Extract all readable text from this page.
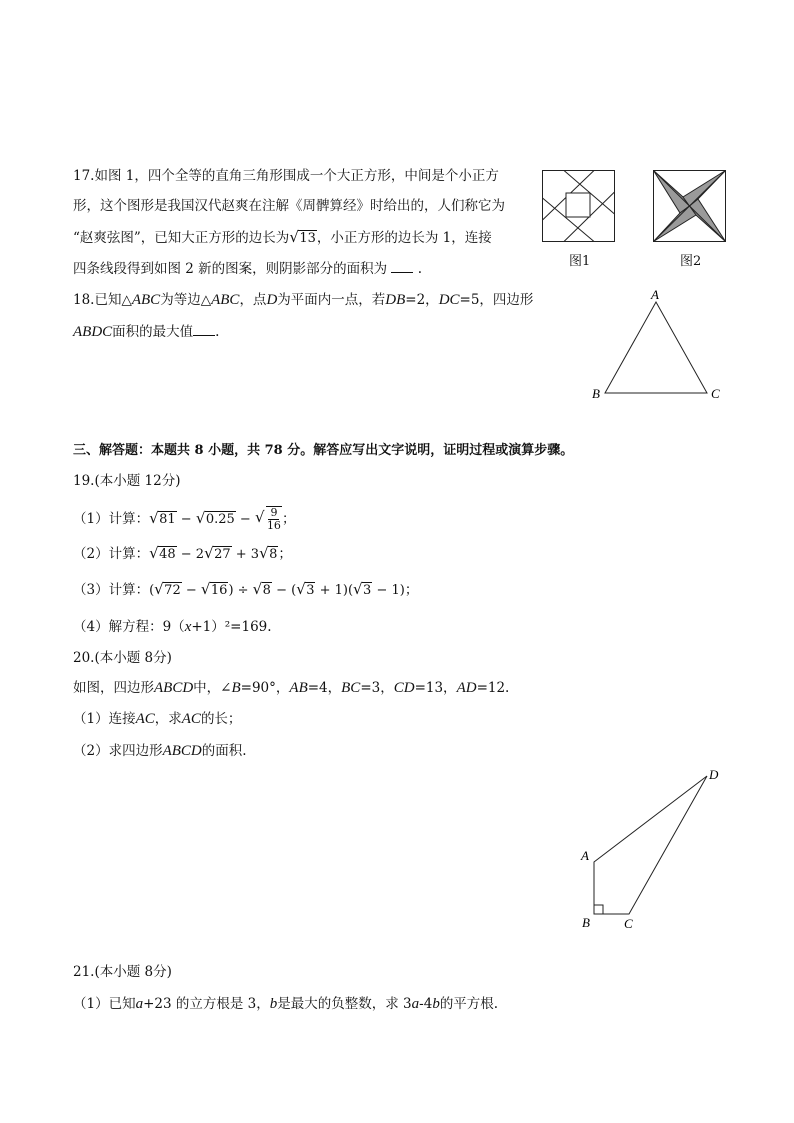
17.如图 1，四个全等的直角三角形围成一个大正方形，中间是个小正方
形，这个图形是我国汉代赵爽在注解《周髀算经》时给出的，人们称它为
“赵爽弦图”，已知大正方形的边长为 √ 13，小正方形的边长为 1，连接
四条线段得到如图 2 新的图案，则阴影部分的面积为 .	图1	图2
18.已知△ABC为等边△ABC，点D为平面内一点，若DB=2，DC=5，四边形
ABDC面积的最大值 .
A
B	C
三、解答题：本题共 8 小题，共 78 分。解答应写出文字说明，证明过程或演算步骤。
19.(本小题 12分)
（1）计算： √ 81 − √ 0.25 − √ $\frac{9}{16}$ ；
（2）计算： √ 48 − 2 √ 27 + 3 √ 8；
（3）计算：( √ 72 − √ 16) ÷ √ 8 − ( √ 3 + 1)( √ 3 − 1)；
（4）解方程：9（x+1）²=169.
20.(本小题 8分)
如图，四边形ABCD中，∠B=90°，AB=4，BC=3，CD=13，AD=12.
（1）连接AC，求AC的长；
（2）求四边形ABCD的面积.
A
B	C
D
21.(本小题 8分)
（1）已知a+23 的立方根是 3，b是最大的负整数，求 3a-4b的平方根.
